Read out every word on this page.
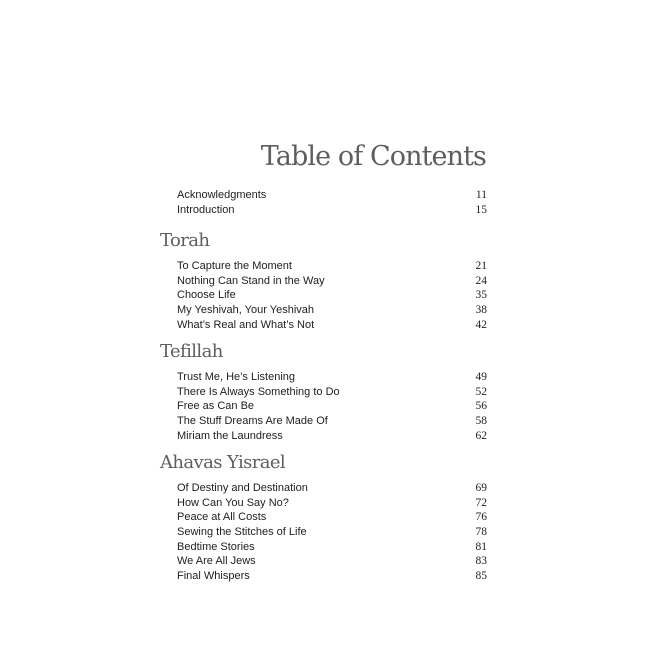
Table of Contents
Acknowledgments	11
Introduction	15
Torah
To Capture the Moment	21
Nothing Can Stand in the Way	24
Choose Life	35
My Yeshivah, Your Yeshivah	38
What’s Real and What’s Not	42
Tefillah
Trust Me, He’s Listening	49
There Is Always Something to Do	52
Free as Can Be	56
The Stuff Dreams Are Made Of	58
Miriam the Laundress	62
Ahavas Yisrael
Of Destiny and Destination	69
How Can You Say No?	72
Peace at All Costs	76
Sewing the Stitches of Life	78
Bedtime Stories	81
We Are All Jews	83
Final Whispers	85
